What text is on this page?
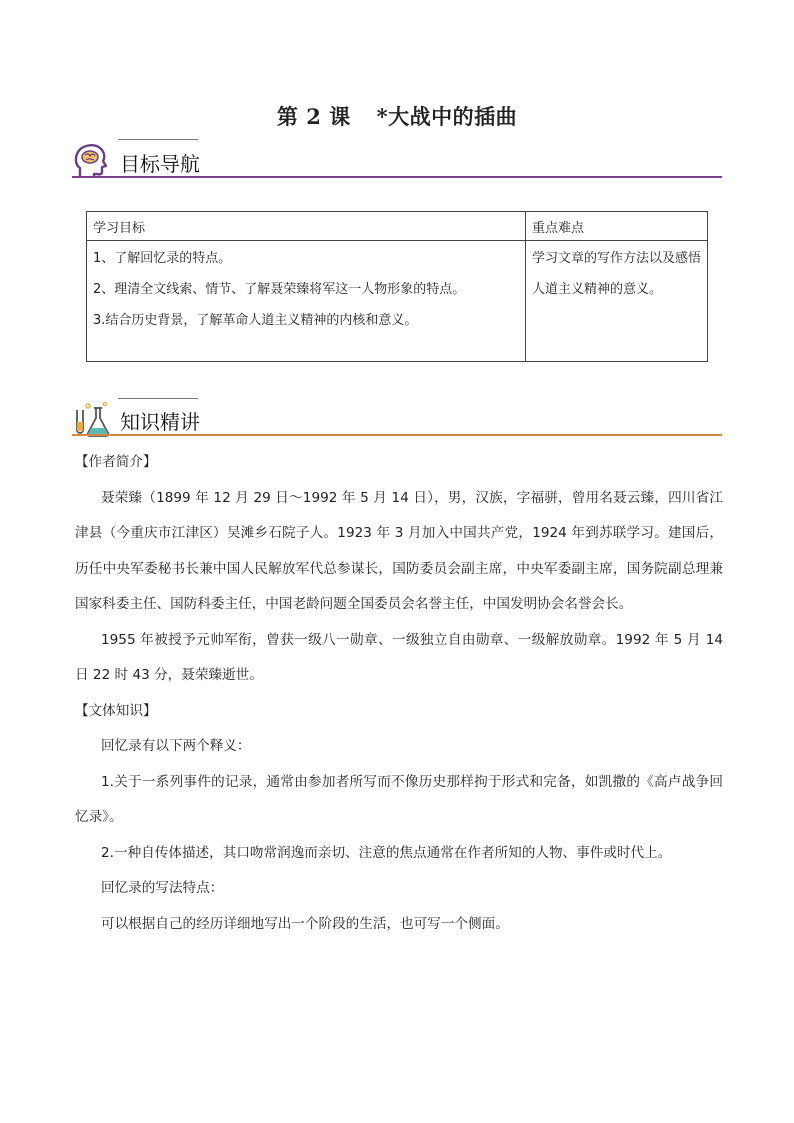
第 2 课 *大战中的插曲
目标导航
学习目标	重点难点

1、了解回忆录的特点。
2、理清全文线索、情节、了解聂荣臻将军这一人物形象的特点。
3.结合历史背景，了解革命人道主义精神的内核和意义。	学习文章的写作方法以及感悟人道主义精神的意义。
知识精讲

【作者简介】

聂荣臻（1899 年 12 月 29 日～1992 年 5 月 14 日），男，汉族，字福骈，曾用名聂云臻，四川省江津县（今重庆市江津区）吴滩乡石院子人。1923 年 3 月加入中国共产党，1924 年到苏联学习。建国后，历任中央军委秘书长兼中国人民解放军代总参谋长，国防委员会副主席，中央军委副主席，国务院副总理兼国家科委主任、国防科委主任，中国老龄问题全国委员会名誉主任，中国发明协会名誉会长。

1955 年被授予元帅军衔，曾获一级八一勋章、一级独立自由勋章、一级解放勋章。1992 年 5 月 14 日 22 时 43 分，聂荣臻逝世。

【文体知识】

回忆录有以下两个释义：

1.关于一系列事件的记录，通常由参加者所写而不像历史那样拘于形式和完备，如凯撒的《高卢战争回忆录》。

2.一种自传体描述，其口吻常润逸而亲切、注意的焦点通常在作者所知的人物、事件或时代上。

回忆录的写法特点：

可以根据自己的经历详细地写出一个阶段的生活，也可写一个侧面。
